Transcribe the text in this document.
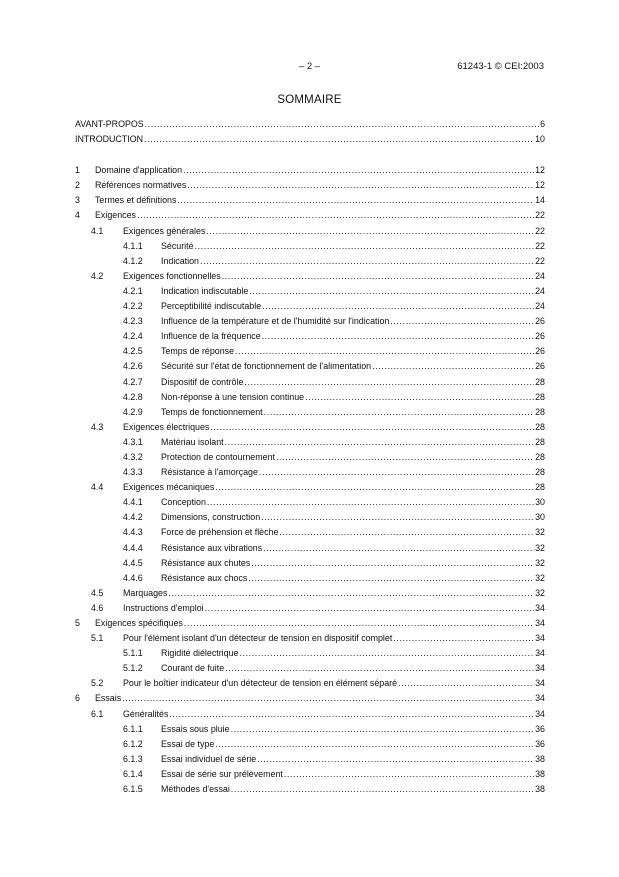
– 2 –	61243-1 © CEI:2003
SOMMAIRE
AVANT-PROPOS .....	6
INTRODUCTION .....	10
1	Domaine d'application .....	12
2	Références normatives .....	12
3	Termes et définitions .....	14
4	Exigences .....	22
4.1	Exigences générales .....	22
4.1.1	Sécurité .....	22
4.1.2	Indication .....	22
4.2	Exigences fonctionnelles .....	24
4.2.1	Indication indiscutable .....	24
4.2.2	Perceptibilité indiscutable .....	24
4.2.3	Influence de la température et de l'humidité sur l'indication .....	26
4.2.4	Influence de la fréquence .....	26
4.2.5	Temps de réponse .....	26
4.2.6	Sécurité sur l'état de fonctionnement de l'alimentation .....	26
4.2.7	Dispositif de contrôle .....	28
4.2.8	Non-réponse à une tension continue .....	28
4.2.9	Temps de fonctionnement .....	28
4.3	Exigences électriques .....	28
4.3.1	Matériau isolant .....	28
4.3.2	Protection de contournement .....	28
4.3.3	Résistance à l'amorçage .....	28
4.4	Exigences mécaniques .....	28
4.4.1	Conception .....	30
4.4.2	Dimensions, construction .....	30
4.4.3	Force de préhension et flèche .....	32
4.4.4	Résistance aux vibrations .....	32
4.4.5	Résistance aux chutes .....	32
4.4.6	Résistance aux chocs .....	32
4.5	Marquages .....	32
4.6	Instructions d'emploi .....	34
5	Exigences spécifiques .....	34
5.1	Pour l'élément isolant d'un détecteur de tension en dispositif complet .....	34
5.1.1	Rigidité diélectrique .....	34
5.1.2	Courant de fuite .....	34
5.2	Pour le boîtier indicateur d'un détecteur de tension en élément séparé .....	34
6	Essais .....	34
6.1	Généralités .....	34
6.1.1	Essais sous pluie .....	36
6.1.2	Essai de type .....	36
6.1.3	Essai individuel de série .....	38
6.1.4	Essai de série sur prélèvement .....	38
6.1.5	Méthodes d'essai .....	38
